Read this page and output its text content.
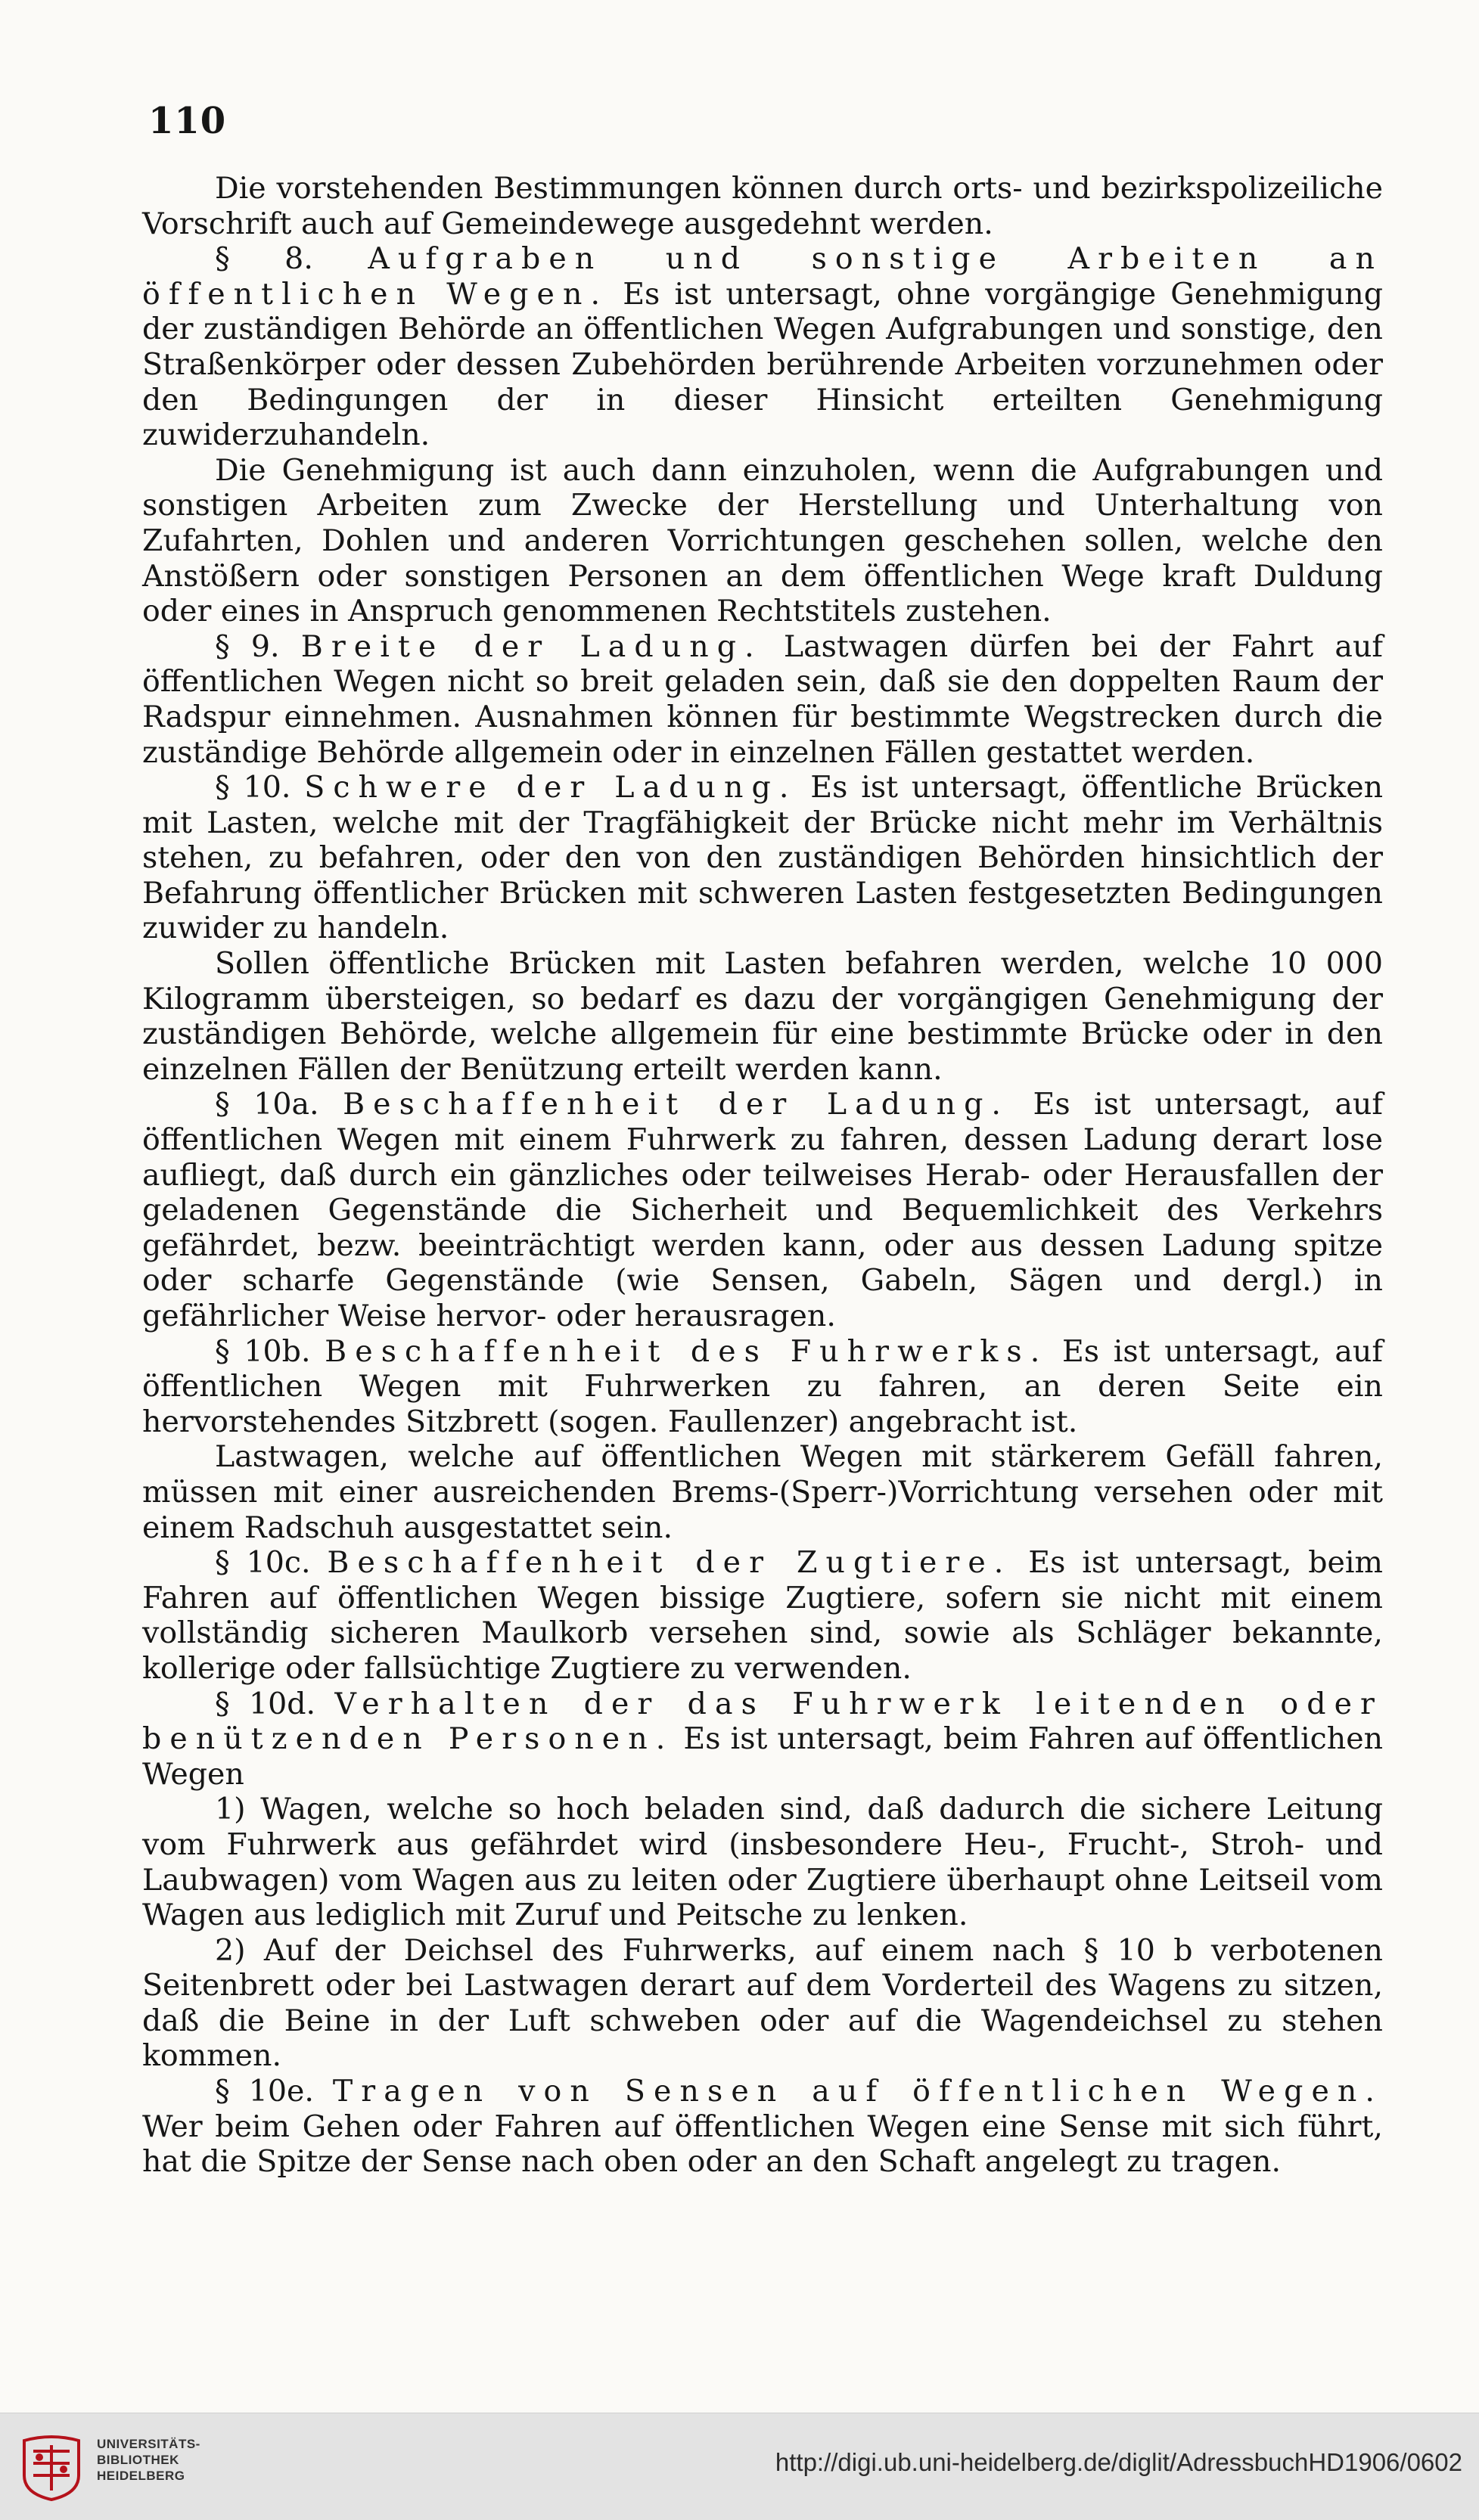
110

Die vorstehenden Bestimmungen können durch orts- und bezirkspolizeiliche Vorschrift auch auf Gemeindewege ausgedehnt werden.

§ 8. Aufgraben und sonstige Arbeiten an öffentlichen Wegen. Es ist untersagt, ohne vorgängige Genehmigung der zuständigen Behörde an öffentlichen Wegen Aufgrabungen und sonstige, den Straßenkörper oder dessen Zubehörden berührende Arbeiten vorzunehmen oder den Bedingungen der in dieser Hinsicht erteilten Genehmigung zuwiderzuhandeln.

Die Genehmigung ist auch dann einzuholen, wenn die Aufgrabungen und sonstigen Arbeiten zum Zwecke der Herstellung und Unterhaltung von Zufahrten, Dohlen und anderen Vorrichtungen geschehen sollen, welche den Anstößern oder sonstigen Personen an dem öffentlichen Wege kraft Duldung oder eines in Anspruch genommenen Rechtstitels zustehen.

§ 9. Breite der Ladung. Lastwagen dürfen bei der Fahrt auf öffentlichen Wegen nicht so breit geladen sein, daß sie den doppelten Raum der Radspur einnehmen. Ausnahmen können für bestimmte Wegstrecken durch die zuständige Behörde allgemein oder in einzelnen Fällen gestattet werden.

§ 10. Schwere der Ladung. Es ist untersagt, öffentliche Brücken mit Lasten, welche mit der Tragfähigkeit der Brücke nicht mehr im Verhältnis stehen, zu befahren, oder den von den zuständigen Behörden hinsichtlich der Befahrung öffentlicher Brücken mit schweren Lasten festgesetzten Bedingungen zuwider zu handeln.

Sollen öffentliche Brücken mit Lasten befahren werden, welche 10 000 Kilogramm übersteigen, so bedarf es dazu der vorgängigen Genehmigung der zuständigen Behörde, welche allgemein für eine bestimmte Brücke oder in den einzelnen Fällen der Benützung erteilt werden kann.

§ 10a. Beschaffenheit der Ladung. Es ist untersagt, auf öffentlichen Wegen mit einem Fuhrwerk zu fahren, dessen Ladung derart lose aufliegt, daß durch ein gänzliches oder teilweises Herab- oder Herausfallen der geladenen Gegenstände die Sicherheit und Bequemlichkeit des Verkehrs gefährdet, bezw. beeinträchtigt werden kann, oder aus dessen Ladung spitze oder scharfe Gegenstände (wie Sensen, Gabeln, Sägen und dergl.) in gefährlicher Weise hervor- oder herausragen.

§ 10b. Beschaffenheit des Fuhrwerks. Es ist untersagt, auf öffentlichen Wegen mit Fuhrwerken zu fahren, an deren Seite ein hervorstehendes Sitzbrett (sogen. Faullenzer) angebracht ist.

Lastwagen, welche auf öffentlichen Wegen mit stärkerem Gefäll fahren, müssen mit einer ausreichenden Brems-(Sperr-)Vorrichtung versehen oder mit einem Radschuh ausgestattet sein.

§ 10c. Beschaffenheit der Zugtiere. Es ist untersagt, beim Fahren auf öffentlichen Wegen bissige Zugtiere, sofern sie nicht mit einem vollständig sicheren Maulkorb versehen sind, sowie als Schläger bekannte, kollerige oder fallsüchtige Zugtiere zu verwenden.

§ 10d. Verhalten der das Fuhrwerk leitenden oder benützenden Personen. Es ist untersagt, beim Fahren auf öffentlichen Wegen

1) Wagen, welche so hoch beladen sind, daß dadurch die sichere Leitung vom Fuhrwerk aus gefährdet wird (insbesondere Heu-, Frucht-, Stroh- und Laubwagen) vom Wagen aus zu leiten oder Zugtiere überhaupt ohne Leitseil vom Wagen aus lediglich mit Zuruf und Peitsche zu lenken.

2) Auf der Deichsel des Fuhrwerks, auf einem nach § 10 b verbotenen Seitenbrett oder bei Lastwagen derart auf dem Vorderteil des Wagens zu sitzen, daß die Beine in der Luft schweben oder auf die Wagendeichsel zu stehen kommen.

§ 10e. Tragen von Sensen auf öffentlichen Wegen. Wer beim Gehen oder Fahren auf öffentlichen Wegen eine Sense mit sich führt, hat die Spitze der Sense nach oben oder an den Schaft angelegt zu tragen.

UNIVERSITÄTS-
BIBLIOTHEK
HEIDELBERG	http://digi.ub.uni-heidelberg.de/diglit/AdressbuchHD1906/0602
